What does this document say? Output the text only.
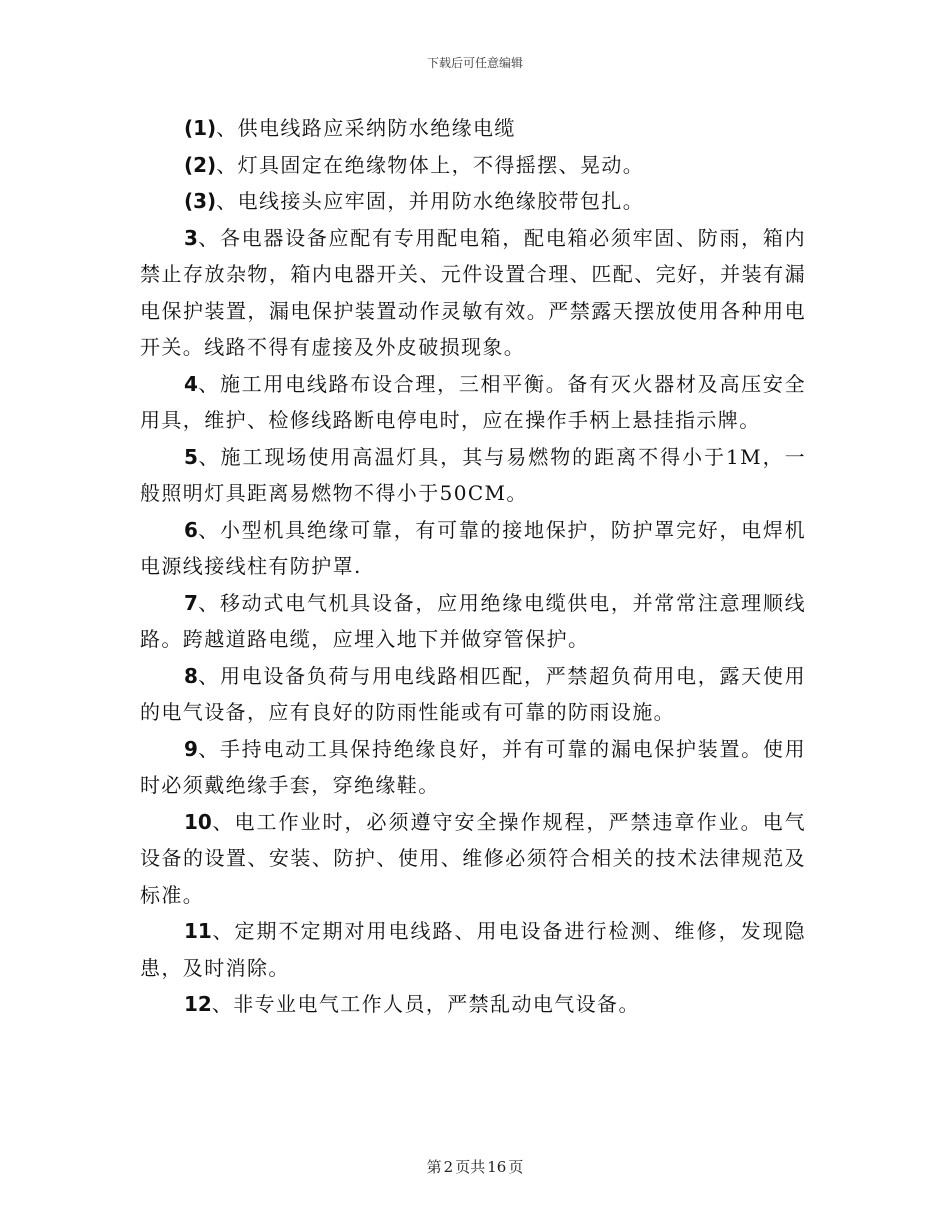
下载后可任意编辑

(1)、供电线路应采纳防水绝缘电缆

(2)、灯具固定在绝缘物体上，不得摇摆、晃动。

(3)、电线接头应牢固，并用防水绝缘胶带包扎。

3、各电器设备应配有专用配电箱，配电箱必须牢固、防雨，箱内禁止存放杂物，箱内电器开关、元件设置合理、匹配、完好，并装有漏电保护装置，漏电保护装置动作灵敏有效。严禁露天摆放使用各种用电开关。线路不得有虚接及外皮破损现象。

4、施工用电线路布设合理，三相平衡。备有灭火器材及高压安全用具，维护、检修线路断电停电时，应在操作手柄上悬挂指示牌。

5、施工现场使用高温灯具，其与易燃物的距离不得小于1M，一般照明灯具距离易燃物不得小于50CM。

6、小型机具绝缘可靠，有可靠的接地保护，防护罩完好，电焊机电源线接线柱有防护罩.

7、移动式电气机具设备，应用绝缘电缆供电，并常常注意理顺线路。跨越道路电缆，应埋入地下并做穿管保护。

8、用电设备负荷与用电线路相匹配，严禁超负荷用电，露天使用的电气设备，应有良好的防雨性能或有可靠的防雨设施。

9、手持电动工具保持绝缘良好，并有可靠的漏电保护装置。使用时必须戴绝缘手套，穿绝缘鞋。

10、电工作业时，必须遵守安全操作规程，严禁违章作业。电气设备的设置、安装、防护、使用、维修必须符合相关的技术法律规范及标准。

11、定期不定期对用电线路、用电设备进行检测、维修，发现隐患，及时消除。

12、非专业电气工作人员，严禁乱动电气设备。

第 2 页共 16 页
